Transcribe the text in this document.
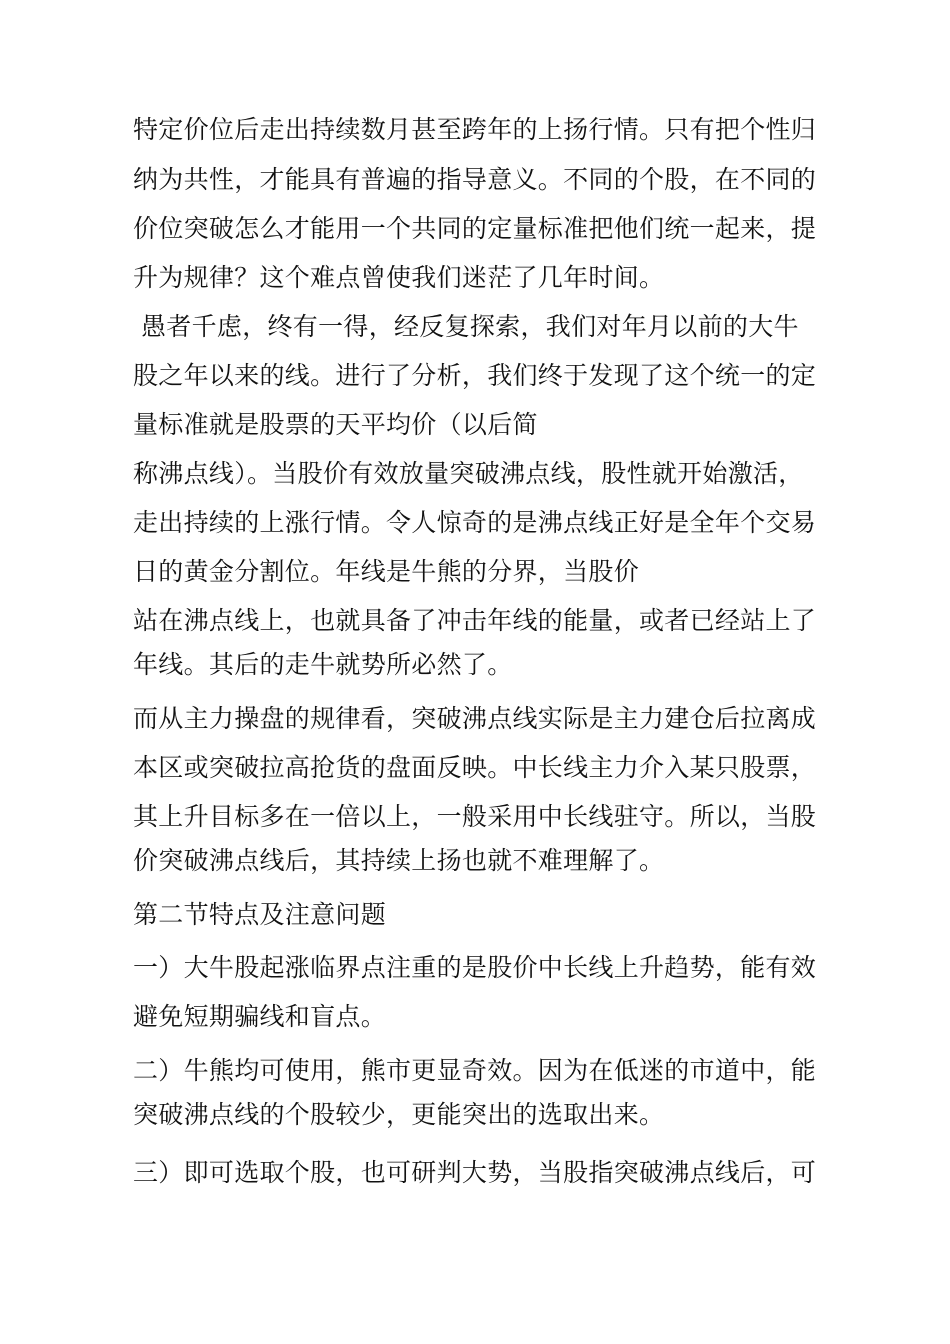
特定价位后走出持续数月甚至跨年的上扬行情。只有把个性归
纳为共性，才能具有普遍的指导意义。不同的个股，在不同的
价位突破怎么才能用一个共同的定量标准把他们统一起来，提
升为规律？这个难点曾使我们迷茫了几年时间。
愚者千虑，终有一得，经反复探索，我们对年月以前的大牛
股之年以来的线。进行了分析，我们终于发现了这个统一的定
量标准就是股票的天平均价（以后简
称沸点线）。当股价有效放量突破沸点线，股性就开始激活，
走出持续的上涨行情。令人惊奇的是沸点线正好是全年个交易
日的黄金分割位。年线是牛熊的分界，当股价
站在沸点线上，也就具备了冲击年线的能量，或者已经站上了
年线。其后的走牛就势所必然了。
而从主力操盘的规律看，突破沸点线实际是主力建仓后拉离成
本区或突破拉高抢货的盘面反映。中长线主力介入某只股票，
其上升目标多在一倍以上，一般采用中长线驻守。所以，当股
价突破沸点线后，其持续上扬也就不难理解了。
第二节特点及注意问题
一）大牛股起涨临界点注重的是股价中长线上升趋势，能有效
避免短期骗线和盲点。
二）牛熊均可使用，熊市更显奇效。因为在低迷的市道中，能
突破沸点线的个股较少，更能突出的选取出来。
三）即可选取个股，也可研判大势，当股指突破沸点线后，可
